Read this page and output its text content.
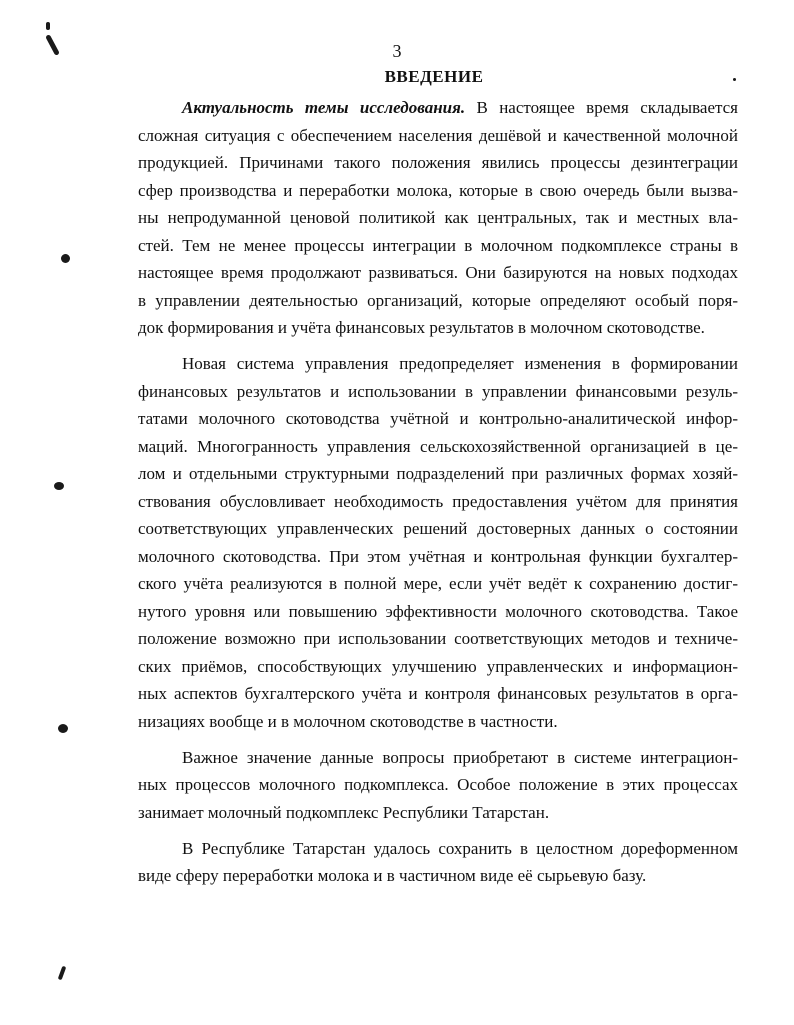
3
ВВЕДЕНИЕ

Актуальность темы исследования. В настоящее время складывается
сложная ситуация с обеспечением населения дешёвой и качественной молочной
продукцией. Причинами такого положения явились процессы дезинтеграции
сфер производства и переработки молока, которые в свою очередь были вызва-
ны непродуманной ценовой политикой как центральных, так и местных вла-
стей. Тем не менее процессы интеграции в молочном подкомплексе страны в
настоящее время продолжают развиваться. Они базируются на новых подходах
в управлении деятельностью организаций, которые определяют особый поря-
док формирования и учёта финансовых результатов в молочном скотоводстве.

Новая система управления предопределяет изменения в формировании
финансовых результатов и использовании в управлении финансовыми резуль-
татами молочного скотоводства учётной и контрольно-аналитической инфор-
маций. Многогранность управления сельскохозяйственной организацией в це-
лом и отдельными структурными подразделений при различных формах хозяй-
ствования обусловливает необходимость предоставления учётом для принятия
соответствующих управленческих решений достоверных данных о состоянии
молочного скотоводства. При этом учётная и контрольная функции бухгалтер-
ского учёта реализуются в полной мере, если учёт ведёт к сохранению достиг-
нутого уровня или повышению эффективности молочного скотоводства. Такое
положение возможно при использовании соответствующих методов и техниче-
ских приёмов, способствующих улучшению управленческих и информацион-
ных аспектов бухгалтерского учёта и контроля финансовых результатов в орга-
низациях вообще и в молочном скотоводстве в частности.

Важное значение данные вопросы приобретают в системе интеграцион-
ных процессов молочного подкомплекса. Особое положение в этих процессах
занимает молочный подкомплекс Республики Татарстан.

В Республике Татарстан удалось сохранить в целостном дореформенном
виде сферу переработки молока и в частичном виде её сырьевую базу.
